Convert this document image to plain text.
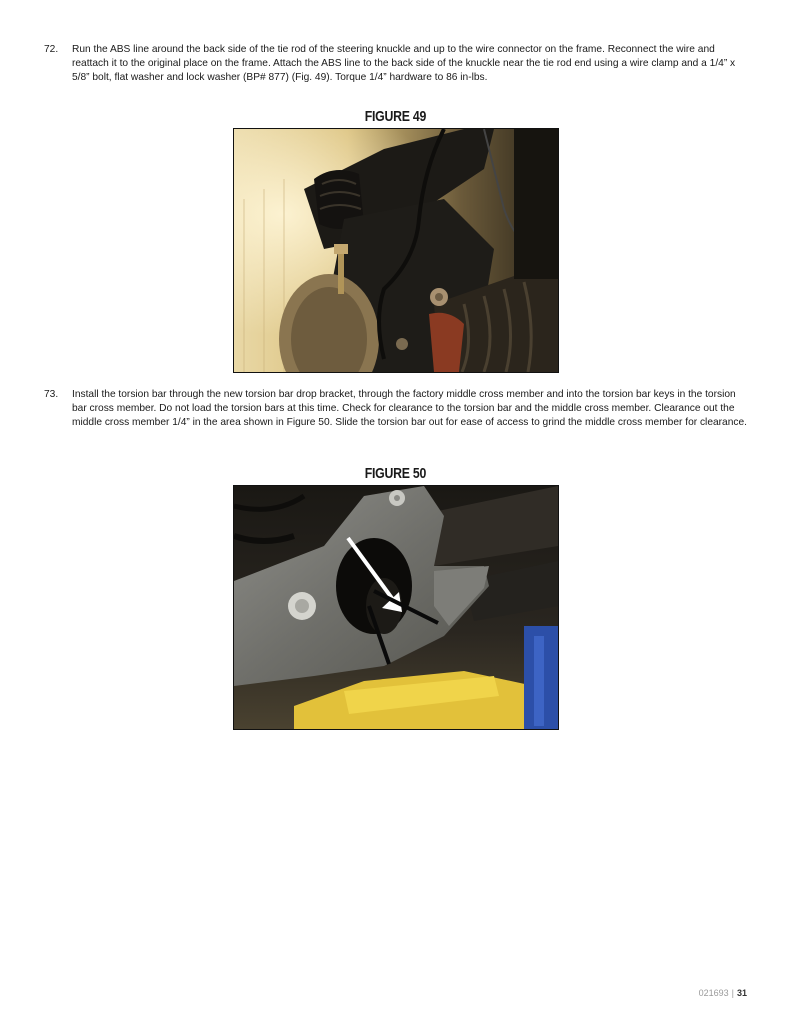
72.	Run the ABS line around the back side of the tie rod of the steering knuckle and up to the wire connector on the frame. Reconnect the wire and reattach it to the original place on the frame. Attach the ABS line to the back side of the knuckle near the tie rod end using a wire clamp and a 1/4” x 5/8” bolt, flat washer and lock washer (BP# 877) (Fig. 49). Torque 1/4” hardware to 86 in-lbs.
FIGURE 49
73.	Install the torsion bar through the new torsion bar drop bracket, through the factory middle cross member and into the torsion bar keys in the torsion bar cross member. Do not load the torsion bars at this time. Check for clearance to the torsion bar and the middle cross member. Clearance out the middle cross member 1/4” in the area shown in Figure 50. Slide the torsion bar out for ease of access to grind the middle cross member for clearance.
FIGURE 50
021693 | 31
